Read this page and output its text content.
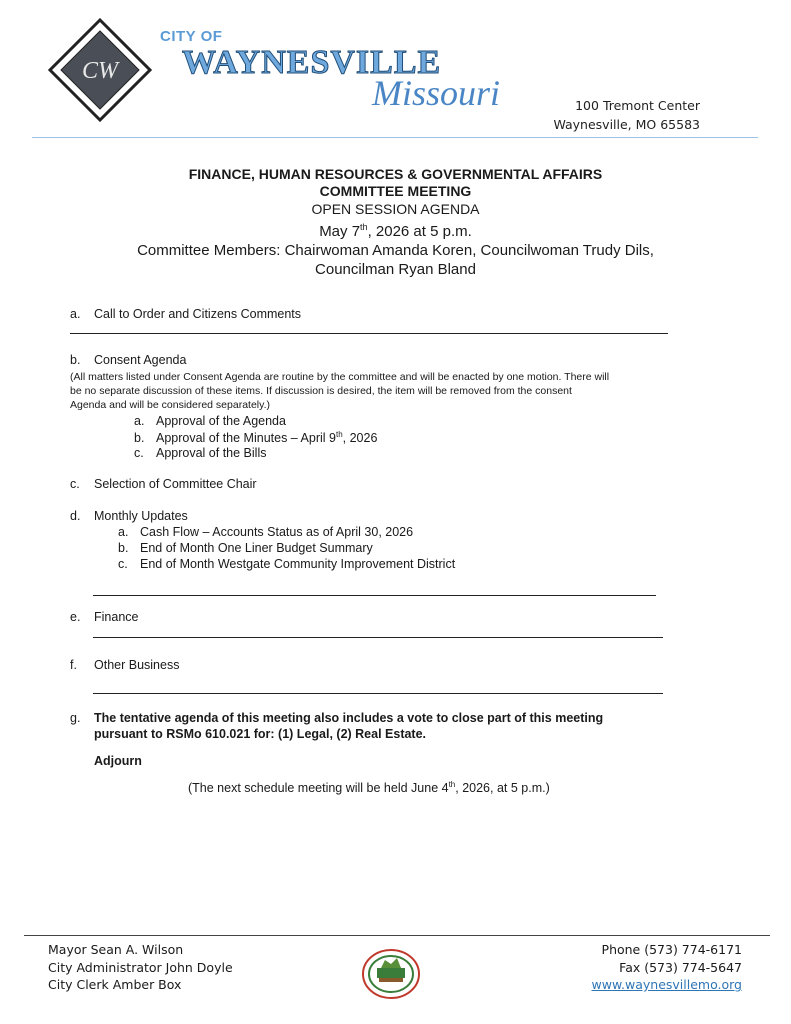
CW
CITY OF
WAYNESVILLE
Missouri	100 Tremont Center
Waynesville, MO 65583
FINANCE, HUMAN RESOURCES & GOVERNMENTAL AFFAIRS
COMMITTEE MEETING
OPEN SESSION AGENDA
May 7th, 2026 at 5 p.m.
Committee Members: Chairwoman Amanda Koren, Councilwoman Trudy Dils,
Councilman Ryan Bland
a. Call to Order and Citizens Comments
b. Consent Agenda
(All matters listed under Consent Agenda are routine by the committee and will be enacted by one motion. There will
be no separate discussion of these items. If discussion is desired, the item will be removed from the consent
Agenda and will be considered separately.)
a. Approval of the Agenda
b. Approval of the Minutes – April 9th, 2026
c. Approval of the Bills
c. Selection of Committee Chair
d. Monthly Updates
a. Cash Flow – Accounts Status as of April 30, 2026
b. End of Month One Liner Budget Summary
c. End of Month Westgate Community Improvement District
e. Finance
f. Other Business
g. The tentative agenda of this meeting also includes a vote to close part of this meeting
pursuant to RSMo 610.021 for: (1) Legal, (2) Real Estate.
Adjourn
(The next schedule meeting will be held June 4th, 2026, at 5 p.m.)
Mayor Sean A. Wilson
City Administrator John Doyle
City Clerk Amber Box
Phone (573) 774-6171
Fax (573) 774-5647
www.waynesvillemo.org
